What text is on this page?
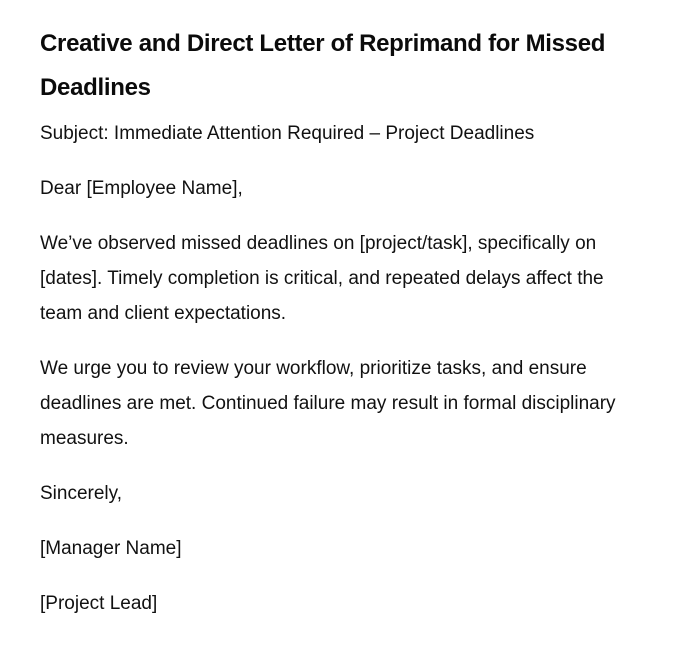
Creative and Direct Letter of Reprimand for Missed Deadlines

Subject: Immediate Attention Required – Project Deadlines

Dear [Employee Name],

We’ve observed missed deadlines on [project/task], specifically on [dates]. Timely completion is critical, and repeated delays affect the team and client expectations.

We urge you to review your workflow, prioritize tasks, and ensure deadlines are met. Continued failure may result in formal disciplinary measures.

Sincerely,

[Manager Name]

[Project Lead]
